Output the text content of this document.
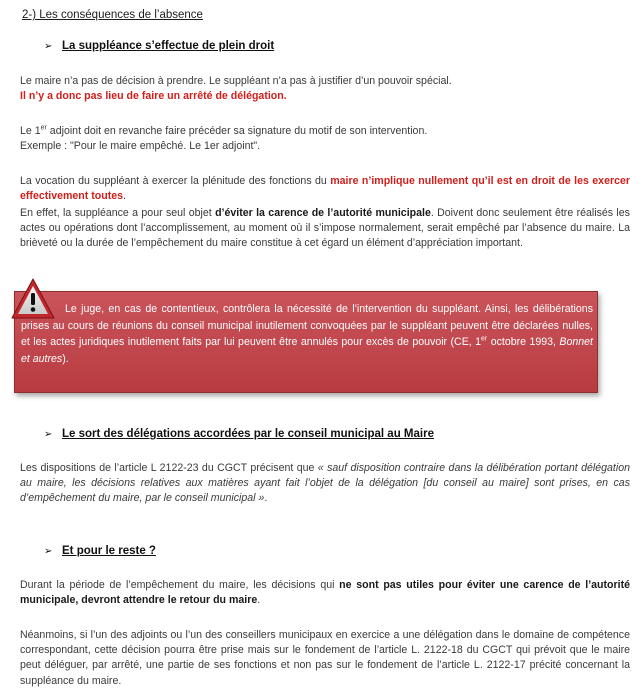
2-) Les conséquences de l’absence
➢ La suppléance s’effectue de plein droit
Le maire n’a pas de décision à prendre. Le suppléant n’a pas à justifier d’un pouvoir spécial.
Il n’y a donc pas lieu de faire un arrêté de délégation.
Le 1er adjoint doit en revanche faire précéder sa signature du motif de son intervention.
Exemple : "Pour le maire empêché. Le 1er adjoint".
La vocation du suppléant à exercer la plénitude des fonctions du maire n’implique nullement qu’il est en droit de les exercer effectivement toutes.
En effet, la suppléance a pour seul objet d’éviter la carence de l’autorité municipale. Doivent donc seulement être réalisés les actes ou opérations dont l’accomplissement, au moment où il s’impose normalement, serait empêché par l’absence du maire. La brièveté ou la durée de l’empêchement du maire constitue à cet égard un élément d’appréciation important.
Le juge, en cas de contentieux, contrôlera la nécessité de l’intervention du suppléant. Ainsi, les délibérations prises au cours de réunions du conseil municipal inutilement convoquées par le suppléant peuvent être déclarées nulles, et les actes juridiques inutilement faits par lui peuvent être annulés pour excès de pouvoir (CE, 1er octobre 1993, Bonnet et autres).
➢ Le sort des délégations accordées par le conseil municipal au Maire
Les dispositions de l’article L 2122-23 du CGCT précisent que « sauf disposition contraire dans la délibération portant délégation au maire, les décisions relatives aux matières ayant fait l’objet de la délégation [du conseil au maire] sont prises, en cas d’empêchement du maire, par le conseil municipal ».
➢ Et pour le reste ?
Durant la période de l’empêchement du maire, les décisions qui ne sont pas utiles pour éviter une carence de l’autorité municipale, devront attendre le retour du maire.
Néanmoins, si l’un des adjoints ou l’un des conseillers municipaux en exercice a une délégation dans le domaine de compétence correspondant, cette décision pourra être prise mais sur le fondement de l’article L. 2122-18 du CGCT qui prévoit que le maire peut déléguer, par arrêté, une partie de ses fonctions et non pas sur le fondement de l’article L. 2122-17 précité concernant la suppléance du maire.
